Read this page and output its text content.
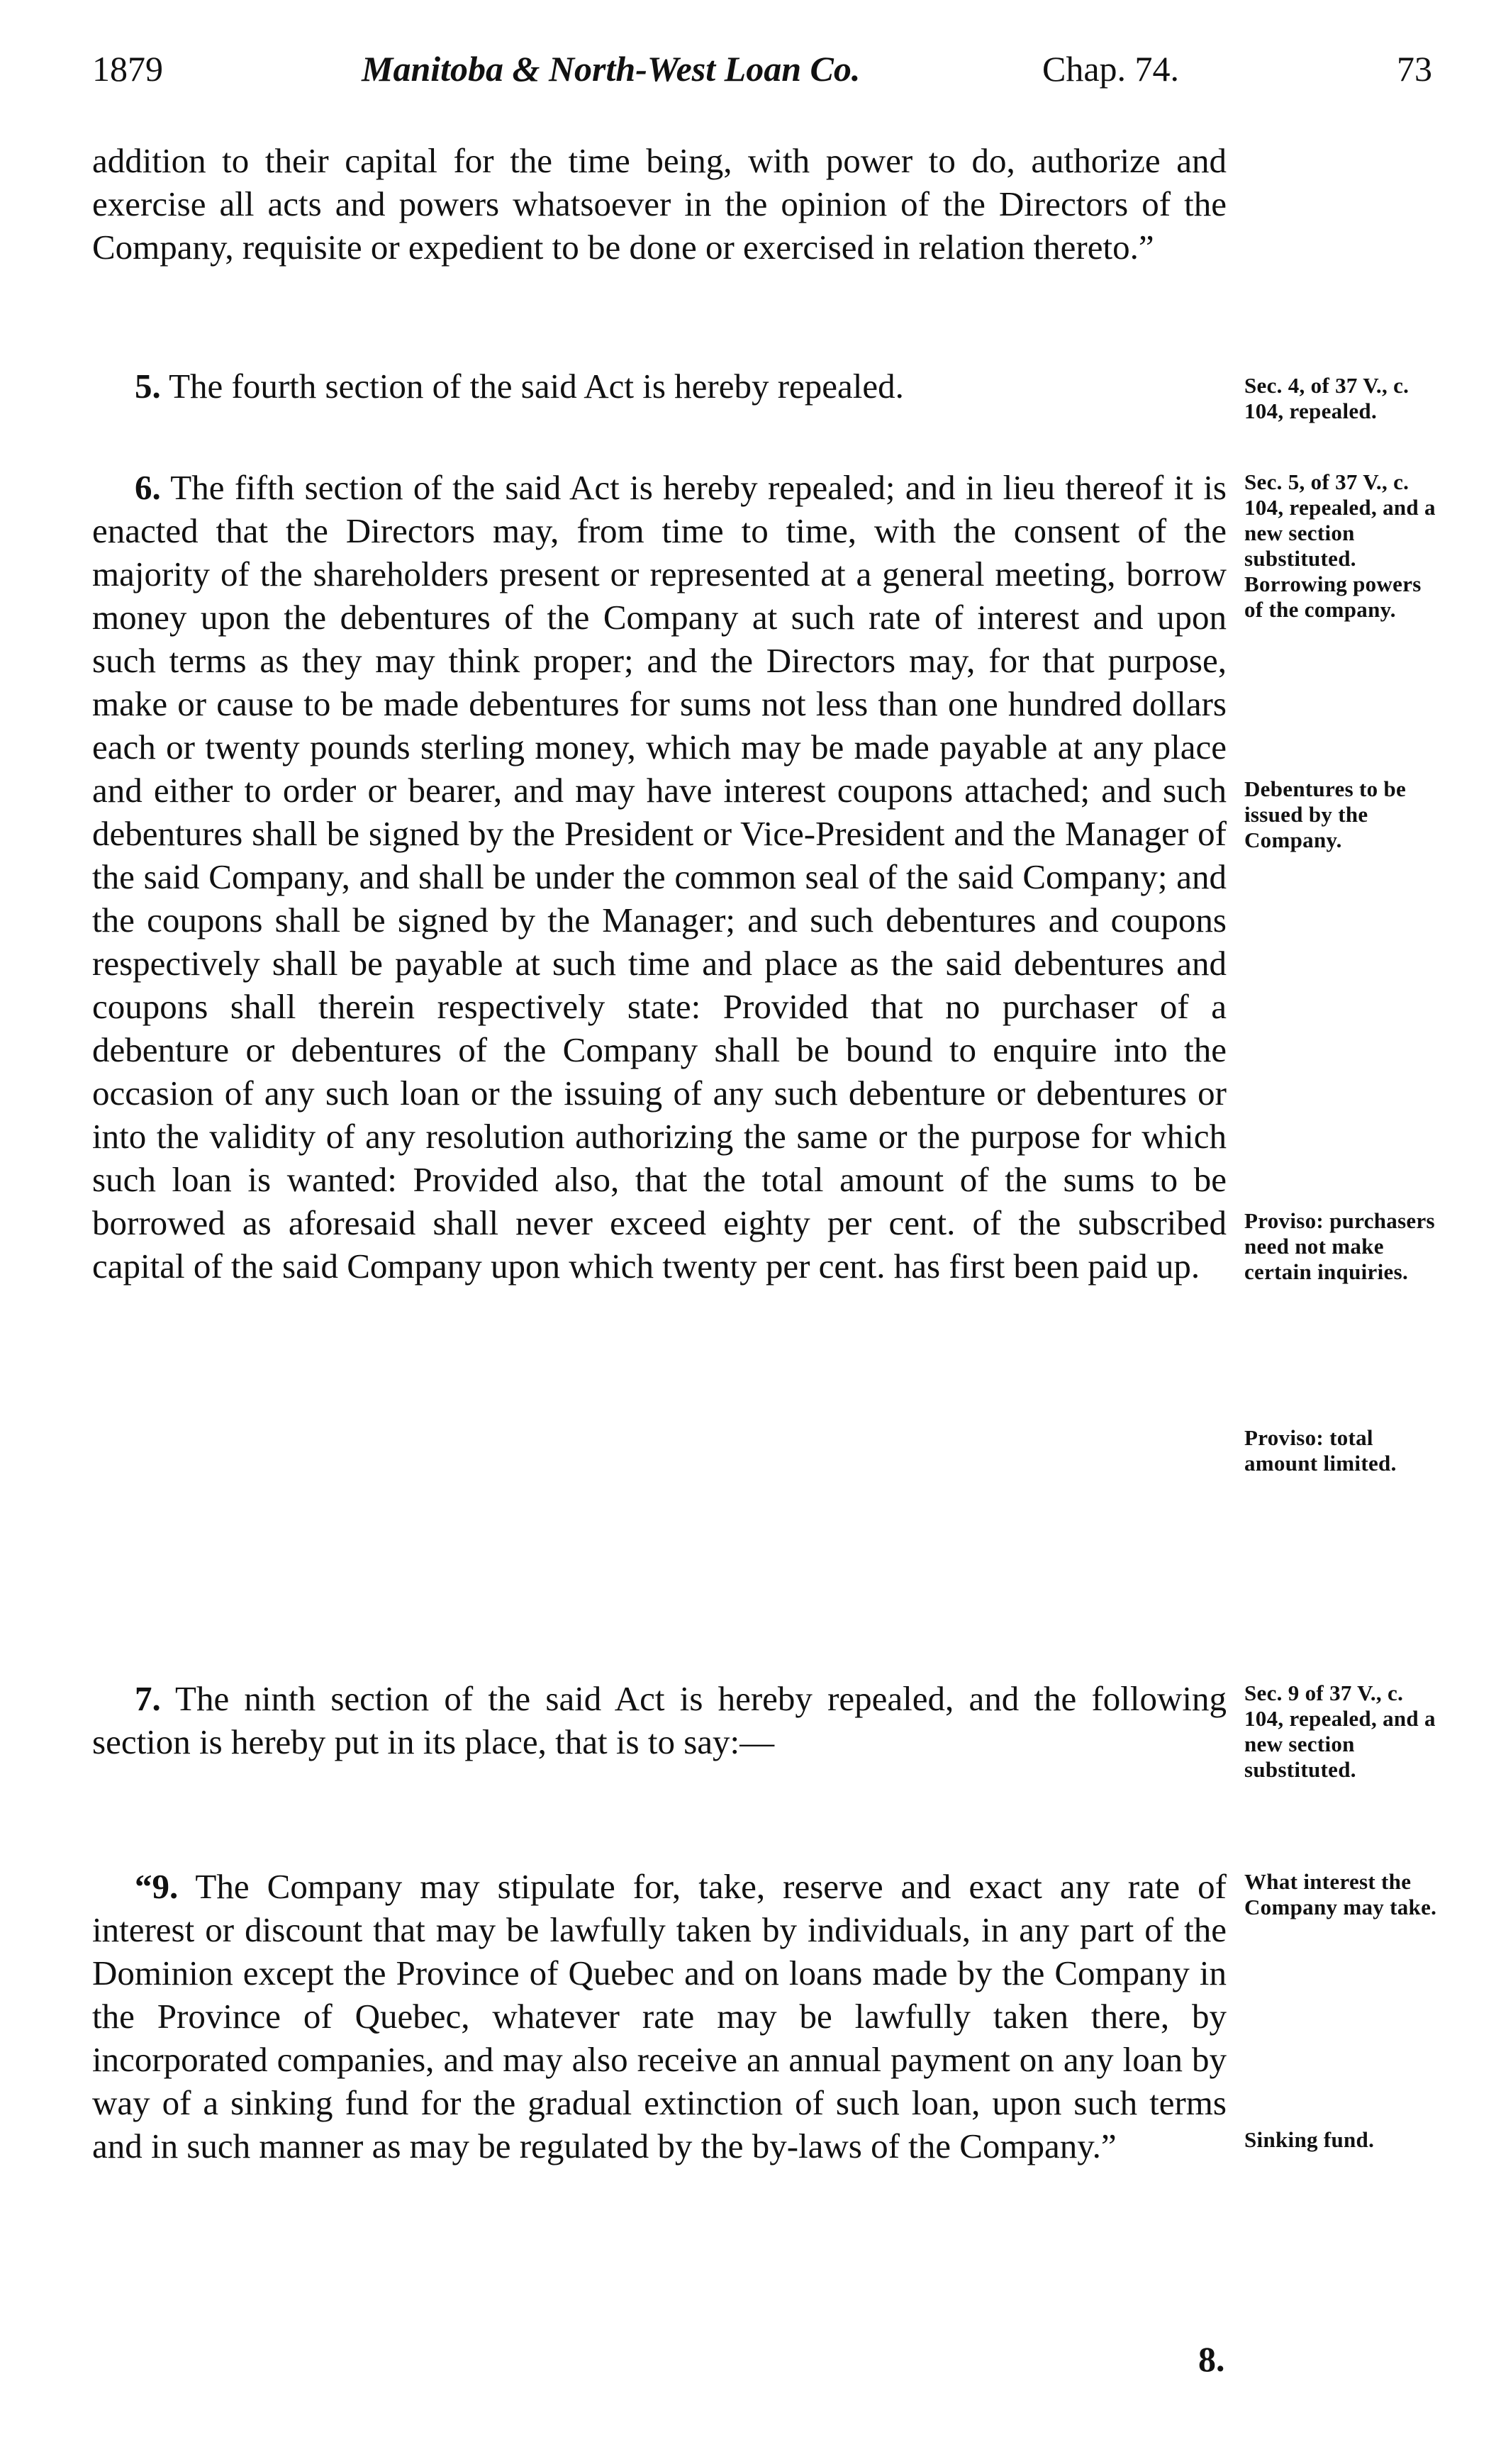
1879	Manitoba & North-West Loan Co.	Chap. 74.	73

addition to their capital for the time being, with power to do, authorize and exercise all acts and powers whatsoever in the opinion of the Directors of the Company, requisite or expedient to be done or exercised in relation thereto.”

5. The fourth section of the said Act is hereby repealed.

6. The fifth section of the said Act is hereby repealed; and in lieu thereof it is enacted that the Directors may, from time to time, with the consent of the majority of the shareholders present or represented at a general meeting, borrow money upon the debentures of the Company at such rate of interest and upon such terms as they may think proper; and the Directors may, for that purpose, make or cause to be made debentures for sums not less than one hundred dollars each or twenty pounds sterling money, which may be made payable at any place and either to order or bearer, and may have interest coupons attached; and such debentures shall be signed by the President or Vice-President and the Manager of the said Company, and shall be under the common seal of the said Company; and the coupons shall be signed by the Manager; and such debentures and coupons respectively shall be payable at such time and place as the said debentures and coupons shall therein respectively state: Provided that no purchaser of a debenture or debentures of the Company shall be bound to enquire into the occasion of any such loan or the issuing of any such debenture or debentures or into the validity of any resolution authorizing the same or the purpose for which such loan is wanted: Provided also, that the total amount of the sums to be borrowed as aforesaid shall never exceed eighty per cent. of the subscribed capital of the said Company upon which twenty per cent. has first been paid up.

7. The ninth section of the said Act is hereby repealed, and the following section is hereby put in its place, that is to say:—

“9. The Company may stipulate for, take, reserve and exact any rate of interest or discount that may be lawfully taken by individuals, in any part of the Dominion except the Province of Quebec and on loans made by the Company in the Province of Quebec, whatever rate may be lawfully taken there, by incorporated companies, and may also receive an annual payment on any loan by way of a sinking fund for the gradual extinction of such loan, upon such terms and in such manner as may be regulated by the by-laws of the Company.”

Sec. 4, of 37 V., c. 104, repealed.
Sec. 5, of 37 V., c. 104, repealed, and a new section substituted. Borrowing powers of the company.
Debentures to be issued by the Company.
Proviso: purchasers need not make certain inquiries.
Proviso: total amount limited.
Sec. 9 of 37 V., c. 104, repealed, and a new section substituted.
What interest the Company may take.
Sinking fund.
8.
